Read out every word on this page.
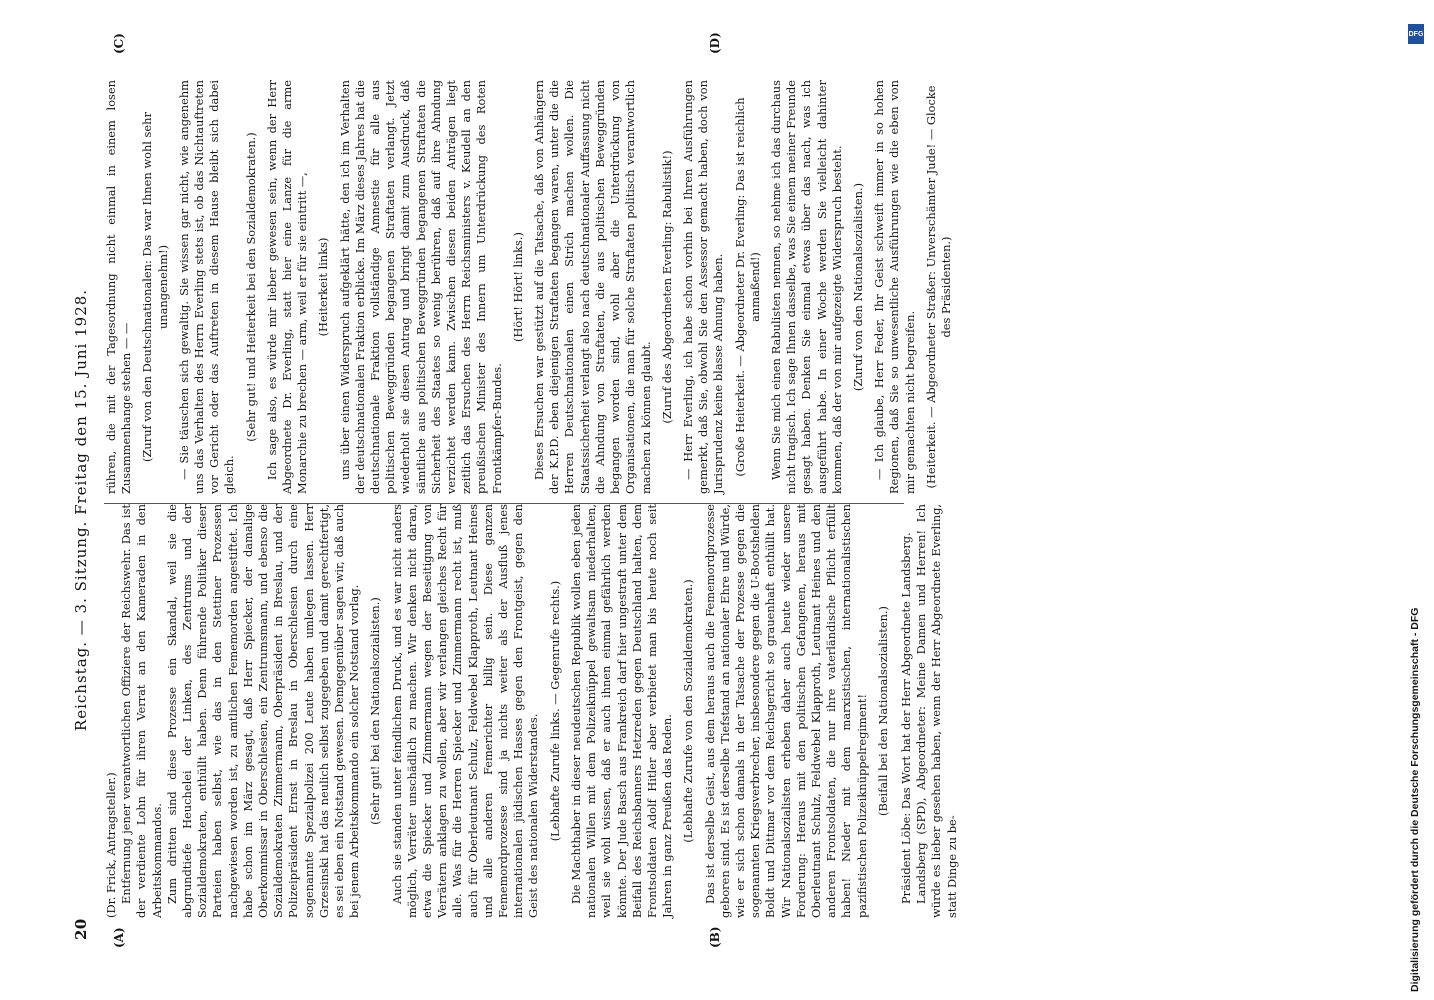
20
Reichstag. — 3. Sitzung. Freitag den 15. Juni 1928.
(A)	(B)
(C)	(D)

(Dr. Frick, Antragsteller.) Entfernung jener verantwortlichen Offiziere der Reichswehr. Das ist der verdiente Lohn für ihren Verrat an den Kameraden in den Arbeitskommandos. Zum dritten sind diese Prozesse ein Skandal, weil sie die abgrundtiefe Heuchelei der Linken, des Zentrums und der Sozialdemokraten, enthüllt haben. Denn führende Politiker dieser Parteien haben selbst, wie das in den Stettiner Prozessen nachgewiesen worden ist, zu amtlichen Fememorden angestiftet. Ich habe schon im März gesagt, daß Herr Spiecker, der damalige Oberkommissar in Oberschlesien, ein Zentrumsmann, und ebenso die Sozialdemokraten Zimmermann, Oberpräsident in Breslau, und der Polizeipräsident Ernst in Breslau in Oberschlesien durch eine sogenannte Spezialpolizei 200 Leute haben umlegen lassen. Herr Grzesinski hat das neulich selbst zugegeben und damit gerechtfertigt, es sei eben ein Notstand gewesen. Demgegenüber sagen wir, daß auch bei jenem Arbeitskommando ein solcher Notstand vorlag. (Sehr gut! bei den Nationalsozialisten.) Auch sie standen unter feindlichem Druck, und es war nicht anders möglich, Verräter unschädlich zu machen. Wir denken nicht daran, etwa die Spiecker und Zimmermann wegen der Beseitigung von Verrätern anklagen zu wollen, aber wir verlangen gleiches Recht für alle. Was für die Herren Spiecker und Zimmermann recht ist, muß auch für Oberleutnant Schulz, Feldwebel Klapproth, Leutnant Heines und alle anderen Femerichter billig sein. Diese ganzen Fememordprozesse sind ja nichts weiter als der Ausfluß jenes internationalen jüdischen Hasses gegen den Frontgeist, gegen den Geist des nationalen Widerstandes. (Lebhafte Zurufe links. — Gegenrufe rechts.) Die Machthaber in dieser neudeutschen Republik wollen eben jeden nationalen Willen mit dem Polizeiknüppel gewaltsam niederhalten, weil sie wohl wissen, daß er auch ihnen einmal gefährlich werden könnte. Der Jude Basch aus Frankreich darf hier ungestraft unter dem Beifall des Reichsbanners Hetzreden gegen Deutschland halten, dem Frontsoldaten Adolf Hitler aber verbietet man bis heute noch seit Jahren in ganz Preußen das Reden. (Lebhafte Zurufe von den Sozialdemokraten.) Das ist derselbe Geist, aus dem heraus auch die Fememordprozesse geboren sind. Es ist derselbe Tiefstand an nationaler Ehre und Würde, wie er sich schon damals in der Tatsache der Prozesse gegen die sogenannten Kriegsverbrecher, insbesondere gegen die U-Bootshelden Boldt und Dittmar vor dem Reichsgericht so grauenhaft enthüllt hat. Wir Nationalsozialisten erheben daher auch heute wieder unsere Forderung: Heraus mit den politischen Gefangenen, heraus mit Oberleutnant Schulz, Feldwebel Klapproth, Leutnant Heines und den anderen Frontsoldaten, die nur ihre vaterländische Pflicht erfüllt haben! Nieder mit dem marxistischen, internationalistischen pazifistischen Polizeiknüppelregiment! (Beifall bei den Nationalsozialisten.) Präsident Löbe: Das Wort hat der Herr Abgeordnete Landsberg. Landsberg (SPD), Abgeordneter: Meine Damen und Herren! Ich würde es lieber gesehen haben, wenn der Herr Abgeordnete Everling, statt Dinge zu be-

rühren, die mit der Tagesordnung nicht einmal in einem losen Zusammenhange stehen — — (Zuruf von den Deutschnationalen: Das war Ihnen wohl sehr unangenehm!) — Sie täuschen sich gewaltig. Sie wissen gar nicht, wie angenehm uns das Verhalten des Herrn Everling stets ist, ob das Nichtauftreten vor Gericht oder das Auftreten in diesem Hause bleibt sich dabei gleich.

(Sehr gut! und Heiterkeit bei den Sozialdemokraten.) Ich sage also, es würde mir lieber gewesen sein, wenn der Herr Abgeordnete Dr. Everling, statt hier eine Lanze für die arme Monarchie zu brechen — arm, weil er für sie eintritt —, (Heiterkeit links) uns über einen Widerspruch aufgeklärt hätte, den ich im Verhalten der deutschnationalen Fraktion erblicke. Im März dieses Jahres hat die deutschnationale Fraktion vollständige Amnestie für alle aus politischen Beweggründen begangenen Straftaten verlangt. Jetzt wiederholt sie diesen Antrag und bringt damit zum Ausdruck, daß sämtliche aus politischen Beweggründen begangenen Straftaten die Sicherheit des Staates so wenig berühren, daß auf ihre Ahndung verzichtet werden kann. Zwischen diesen beiden Anträgen liegt zeitlich das Ersuchen des Herrn Reichsministers v. Keudell an den preußischen Minister des Innern um Unterdrückung des Roten Frontkämpfer-Bundes.

(Hört! Hört! links.) Dieses Ersuchen war gestützt auf die Tatsache, daß von Anhängern der K.P.D. eben diejenigen Straftaten begangen waren, unter die die Herren Deutschnationalen einen Strich machen wollen. Die Staatssicherheit verlangt also nach deutschnationaler Auffassung nicht die Ahndung von Straftaten, die aus politischen Beweggründen begangen worden sind, wohl aber die Unterdrückung von Organisationen, die man für solche Straftaten politisch verantwortlich machen zu können glaubt. (Zuruf des Abgeordneten Everling: Rabulistik!) — Herr Everling, ich habe schon vorhin bei Ihren Ausführungen gemerkt, daß Sie, obwohl Sie den Assessor gemacht haben, doch von Jurisprudenz keine blasse Ahnung haben. (Große Heiterkeit. — Abgeordneter Dr. Everling: Das ist reichlich anmaßend!) Wenn Sie mich einen Rabulisten nennen, so nehme ich das durchaus nicht tragisch. Ich sage Ihnen dasselbe, was Sie einem meiner Freunde gesagt haben. Denken Sie einmal etwas über das nach, was ich ausgeführt habe. In einer Woche werden Sie vielleicht dahinter kommen, daß der von mir aufgezeigte Widerspruch besteht. (Zuruf von den Nationalsozialisten.) — Ich glaube, Herr Feder, Ihr Geist schweift immer in so hohen Regionen, daß Sie so unwesentliche Ausführungen wie die eben von mir gemachten nicht begreifen. (Heiterkeit. — Abgeordneter Straßer: Unverschämter Jude! — Glocke des Präsidenten.)

Digitalisierung gefördert durch die Deutsche Forschungsgemeinschaft - DFG
DFG
